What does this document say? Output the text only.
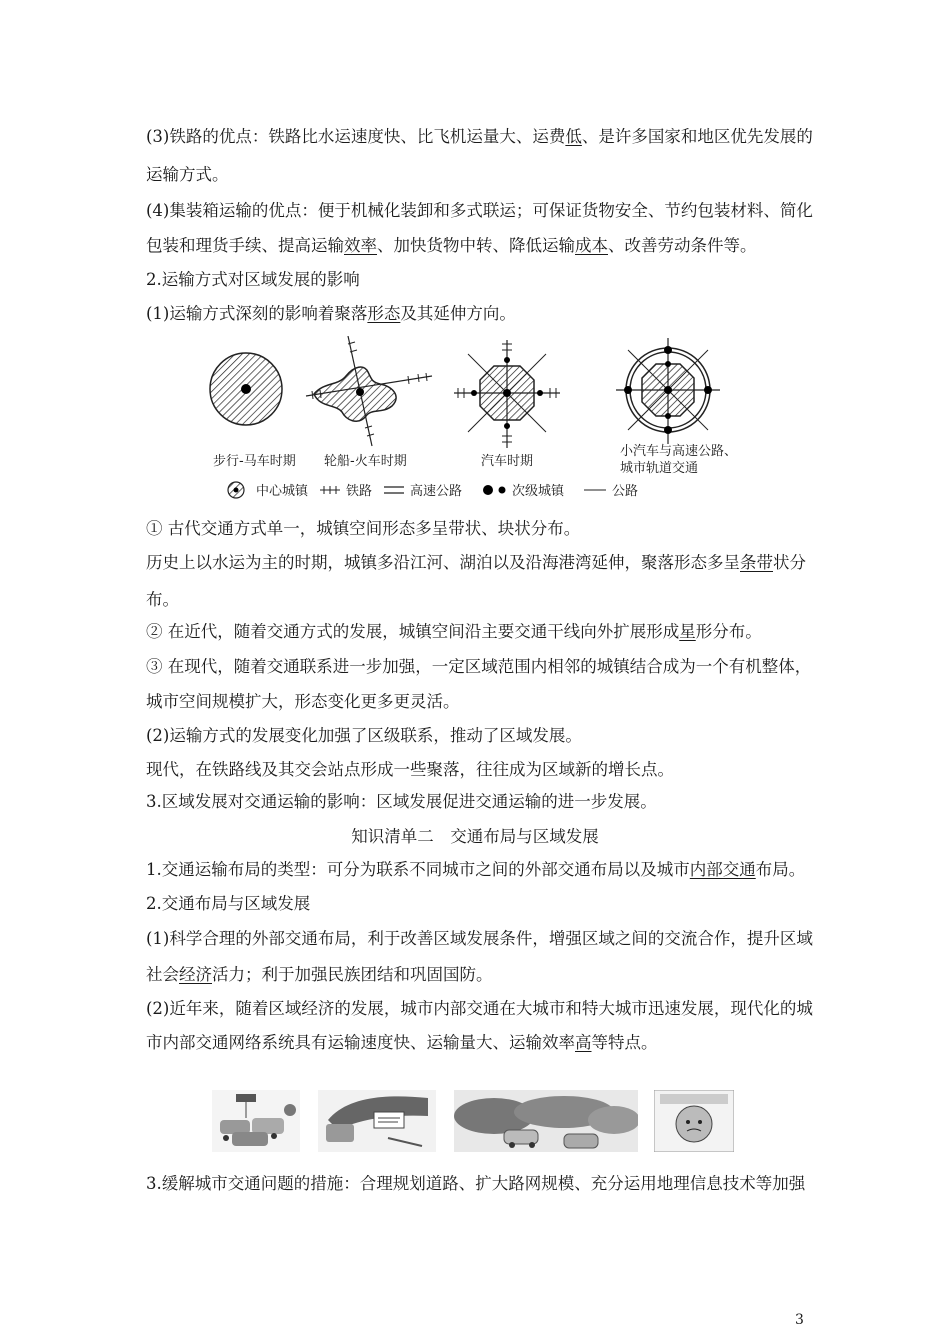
(3)铁路的优点：铁路比水运速度快、比飞机运量大、运费低、是许多国家和地区优先发展的
运输方式。
(4)集装箱运输的优点：便于机械化装卸和多式联运；可保证货物安全、节约包装材料、简化
包装和理货手续、提高运输效率、加快货物中转、降低运输成本、改善劳动条件等。
2.运输方式对区域发展的影响
(1)运输方式深刻的影响着聚落形态及其延伸方向。
步行-马车时期 轮船-火车时期	汽车时期
小汽车与高速公路、
城市轨道交通
中心城镇	铁路	高速公路	次级城镇	公路
① 古代交通方式单一，城镇空间形态多呈带状、块状分布。
历史上以水运为主的时期，城镇多沿江河、湖泊以及沿海港湾延伸，聚落形态多呈条带状分
布。
② 在近代，随着交通方式的发展，城镇空间沿主要交通干线向外扩展形成星形分布。
③ 在现代，随着交通联系进一步加强，一定区域范围内相邻的城镇结合成为一个有机整体，
城市空间规模扩大，形态变化更多更灵活。
(2)运输方式的发展变化加强了区级联系，推动了区域发展。
现代，在铁路线及其交会站点形成一些聚落，往往成为区域新的增长点。
3.区域发展对交通运输的影响：区域发展促进交通运输的进一步发展。
知识清单二　交通布局与区域发展
1.交通运输布局的类型：可分为联系不同城市之间的外部交通布局以及城市内部交通布局。
2.交通布局与区域发展
(1)科学合理的外部交通布局，利于改善区域发展条件，增强区域之间的交流合作，提升区域
社会经济活力；利于加强民族团结和巩固国防。
(2)近年来，随着区域经济的发展，城市内部交通在大城市和特大城市迅速发展，现代化的城
市内部交通网络系统具有运输速度快、运输量大、运输效率高等特点。
3.缓解城市交通问题的措施：合理规划道路、扩大路网规模、充分运用地理信息技术等加强
3
